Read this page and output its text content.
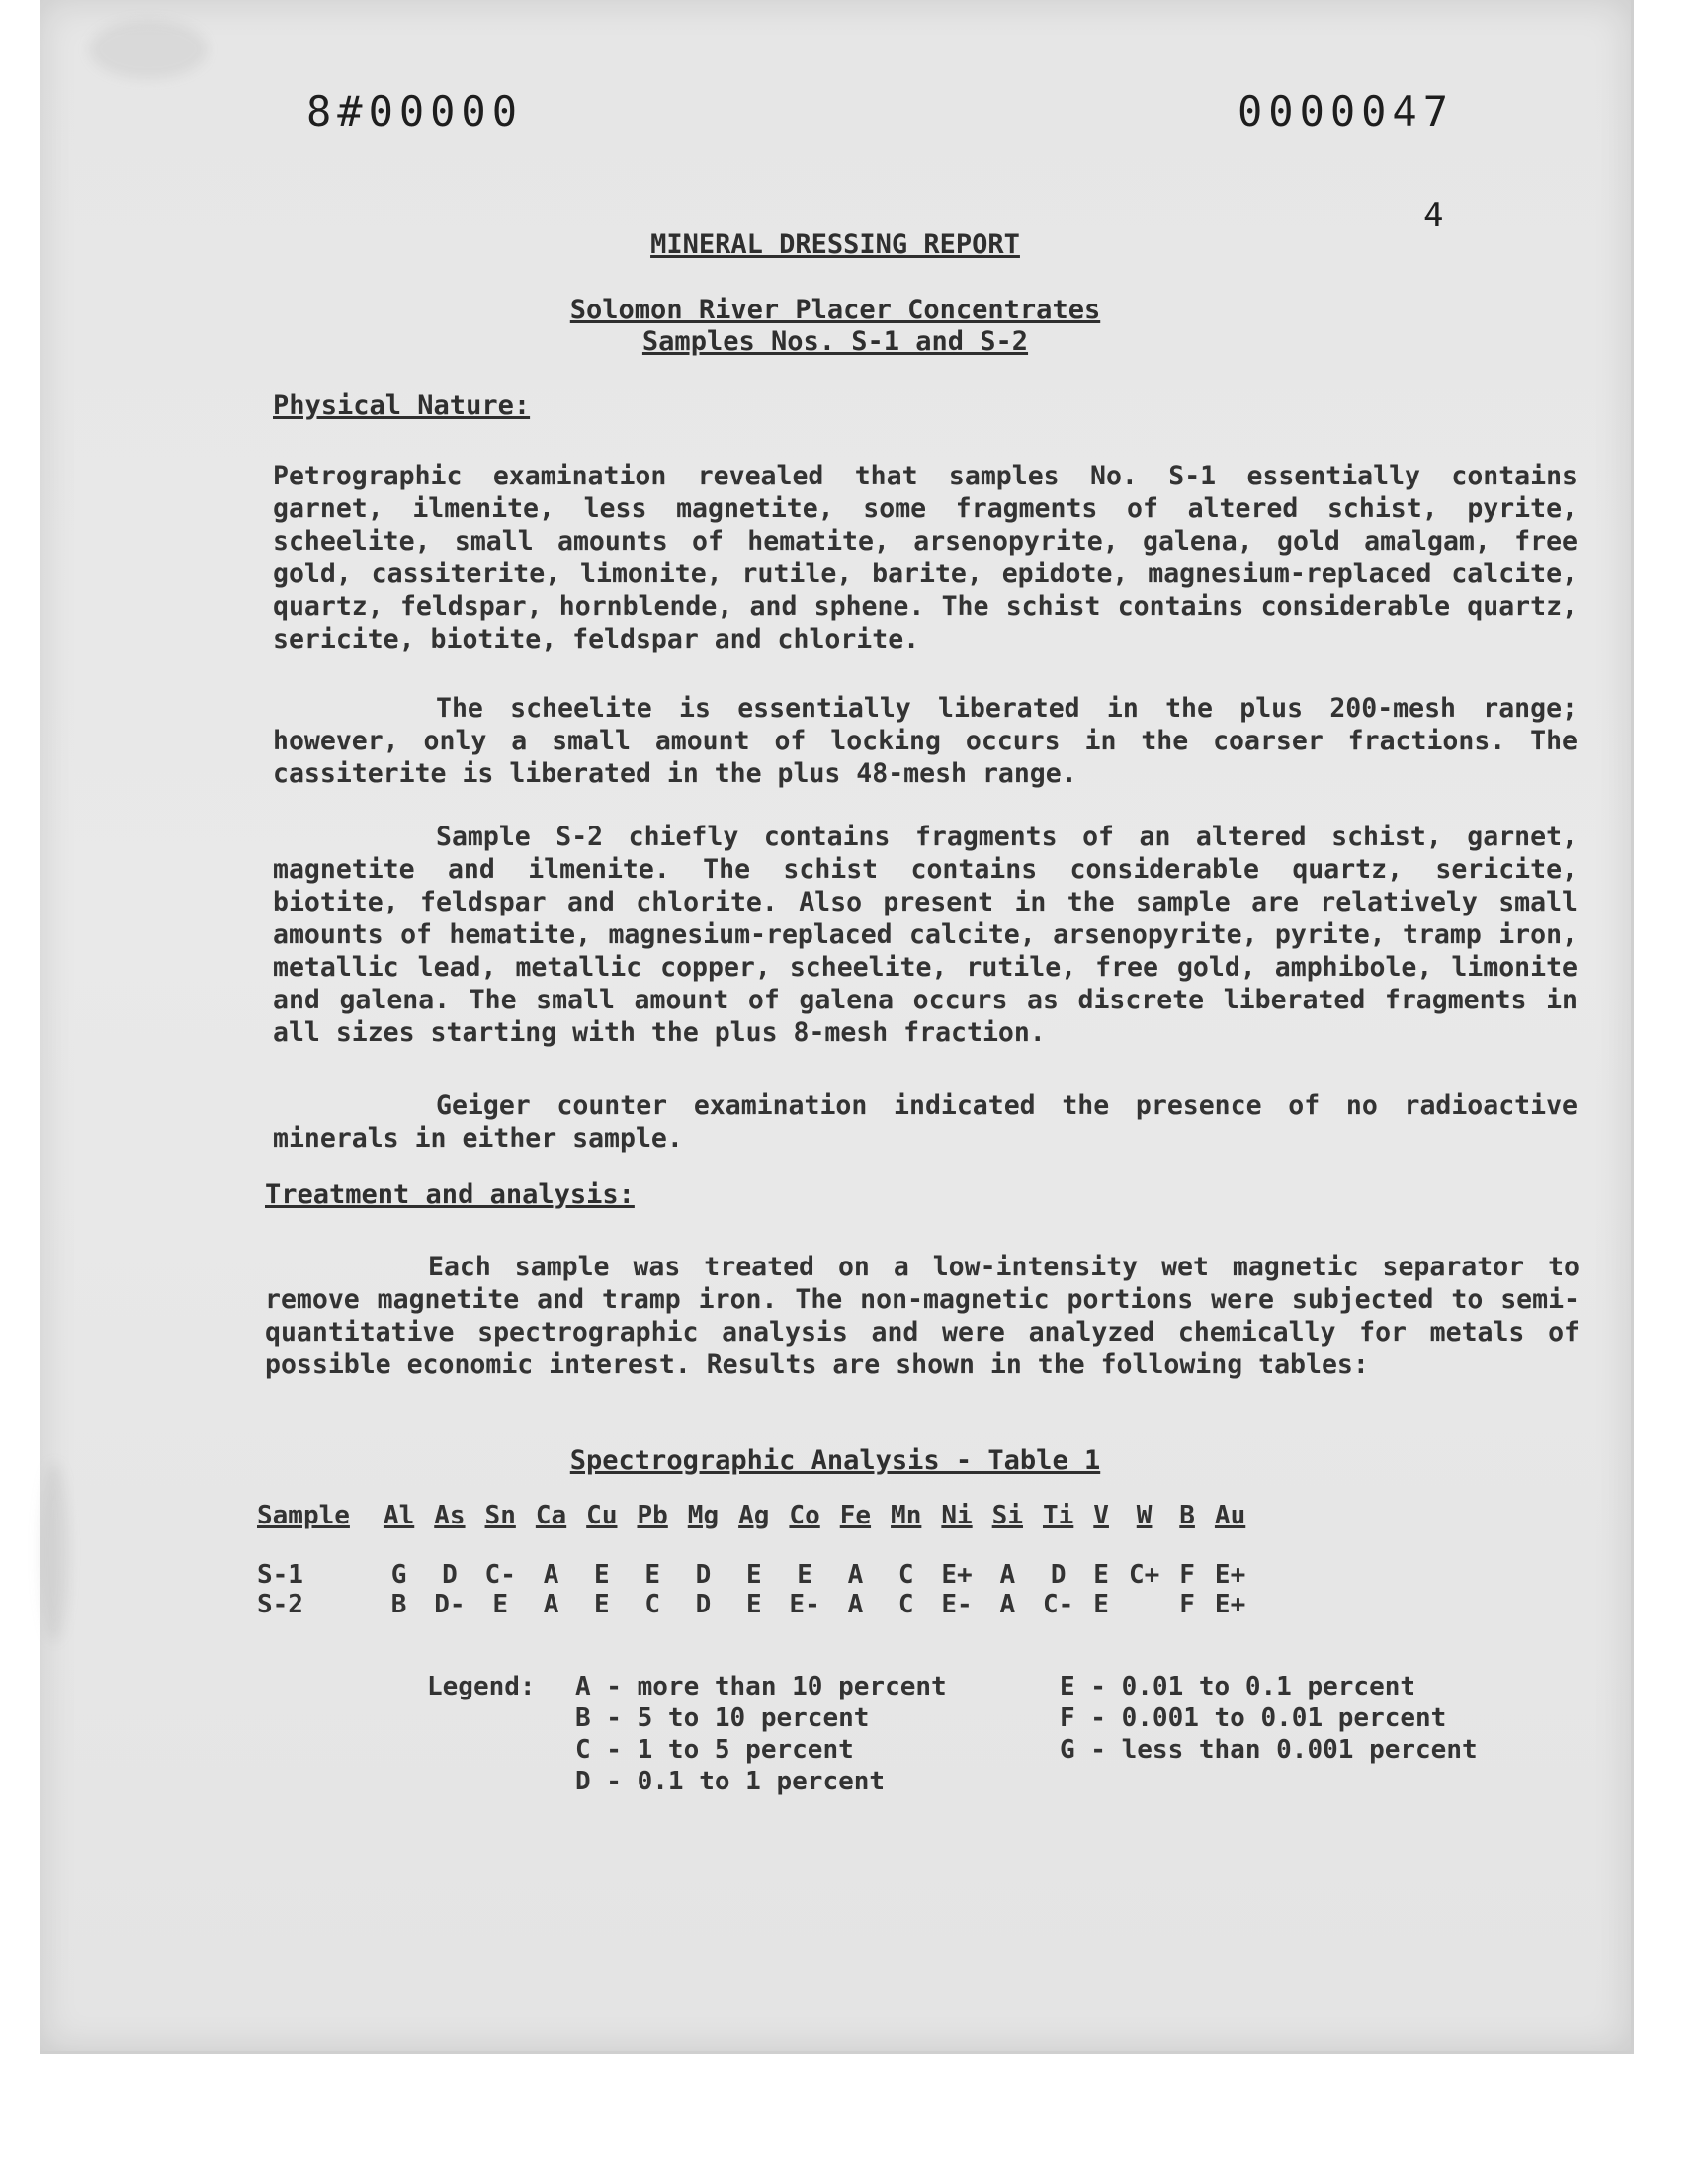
8#00000	0000047
4
MINERAL DRESSING REPORT
Solomon River Placer Concentrates
Samples Nos. S-1 and S-2
Physical Nature:
Petrographic examination revealed that samples No. S-1 essentially contains garnet, ilmenite, less magnetite, some fragments of altered schist, pyrite, scheelite, small amounts of hematite, arsenopyrite, galena, gold amalgam, free gold, cassiterite, limonite, rutile, barite, epidote, magnesium-replaced calcite, quartz, feldspar, hornblende, and sphene. The schist contains considerable quartz, sericite, biotite, feldspar and chlorite.
The scheelite is essentially liberated in the plus 200-mesh range; however, only a small amount of locking occurs in the coarser fractions. The cassiterite is liberated in the plus 48-mesh range.
Sample S-2 chiefly contains fragments of an altered schist, garnet, magnetite and ilmenite. The schist contains considerable quartz, sericite, biotite, feldspar and chlorite. Also present in the sample are relatively small amounts of hematite, magnesium-replaced calcite, arsenopyrite, pyrite, tramp iron, metallic lead, metallic copper, scheelite, rutile, free gold, amphibole, limonite and galena. The small amount of galena occurs as discrete liberated fragments in all sizes starting with the plus 8-mesh fraction.
Geiger counter examination indicated the presence of no radioactive minerals in either sample.
Treatment and analysis:
Each sample was treated on a low-intensity wet magnetic separator to remove magnetite and tramp iron. The non-magnetic portions were subjected to semi-quantitative spectrographic analysis and were analyzed chemically for metals of possible economic interest. Results are shown in the following tables:
Spectrographic Analysis - Table 1
Sample	Al	As	Sn	Ca	Cu	Pb	Mg	Ag	Co	Fe	Mn	Ni	Si	Ti	V	W	B	Au
S-1	G	D	C-	A	E	E	D	E	E	A	C	E+	A	D	E	C+	F	E+
S-2	B	D-	E	A	E	C	D	E	E-	A	C	E-	A	C-	E		F	E+
Legend: A - more than 10 percent
B - 5 to 10 percent
C - 1 to 5 percent
D - 0.1 to 1 percent
E - 0.01 to 0.1 percent
F - 0.001 to 0.01 percent
G - less than 0.001 percent
